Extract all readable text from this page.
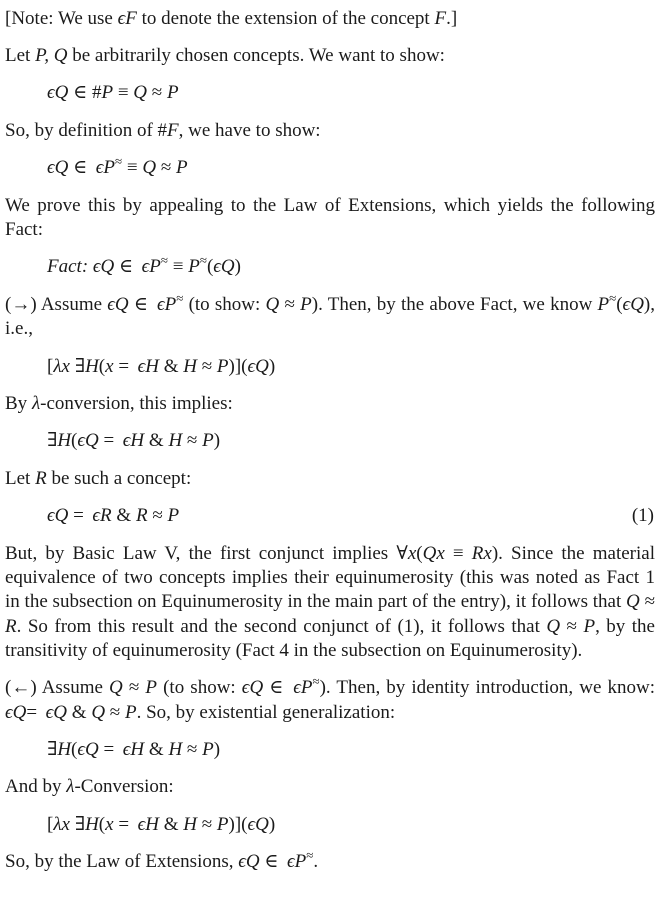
[Note: We use ϵF to denote the extension of the concept F.]

Let P, Q be arbitrarily chosen concepts. We want to show:

ϵQ ∈ #P ≡ Q ≈ P

So, by definition of #F, we have to show:

ϵQ ∈  ϵP≈ ≡ Q ≈ P

We prove this by appealing to the Law of Extensions, which yields the following Fact:

Fact: ϵQ ∈  ϵP≈ ≡ P≈(ϵQ)

(→) Assume ϵQ ∈  ϵP≈ (to show: Q ≈ P). Then, by the above Fact, we know P≈(ϵQ), i.e.,

[λx ∃H(x =  ϵH & H ≈ P)](ϵQ)

By λ-conversion, this implies:

∃H(ϵQ =  ϵH & H ≈ P)

Let R be such a concept:

ϵQ =  ϵR & R ≈ P	(1)

But, by Basic Law V, the first conjunct implies ∀x(Qx ≡ Rx). Since the material equivalence of two concepts implies their equinumerosity (this was noted as Fact 1 in the subsection on Equinumerosity in the main part of the entry), it follows that Q ≈ R. So from this result and the second conjunct of (1), it follows that Q ≈ P, by the transitivity of equinumerosity (Fact 4 in the subsection on Equinumerosity).

(←) Assume Q ≈ P (to show: ϵQ ∈  ϵP≈). Then, by identity introduction, we know: ϵQ=  ϵQ & Q ≈ P. So, by existential generalization:

∃H(ϵQ =  ϵH & H ≈ P)

And by λ-Conversion:

[λx ∃H(x =  ϵH & H ≈ P)](ϵQ)

So, by the Law of Extensions, ϵQ ∈  ϵP≈.
